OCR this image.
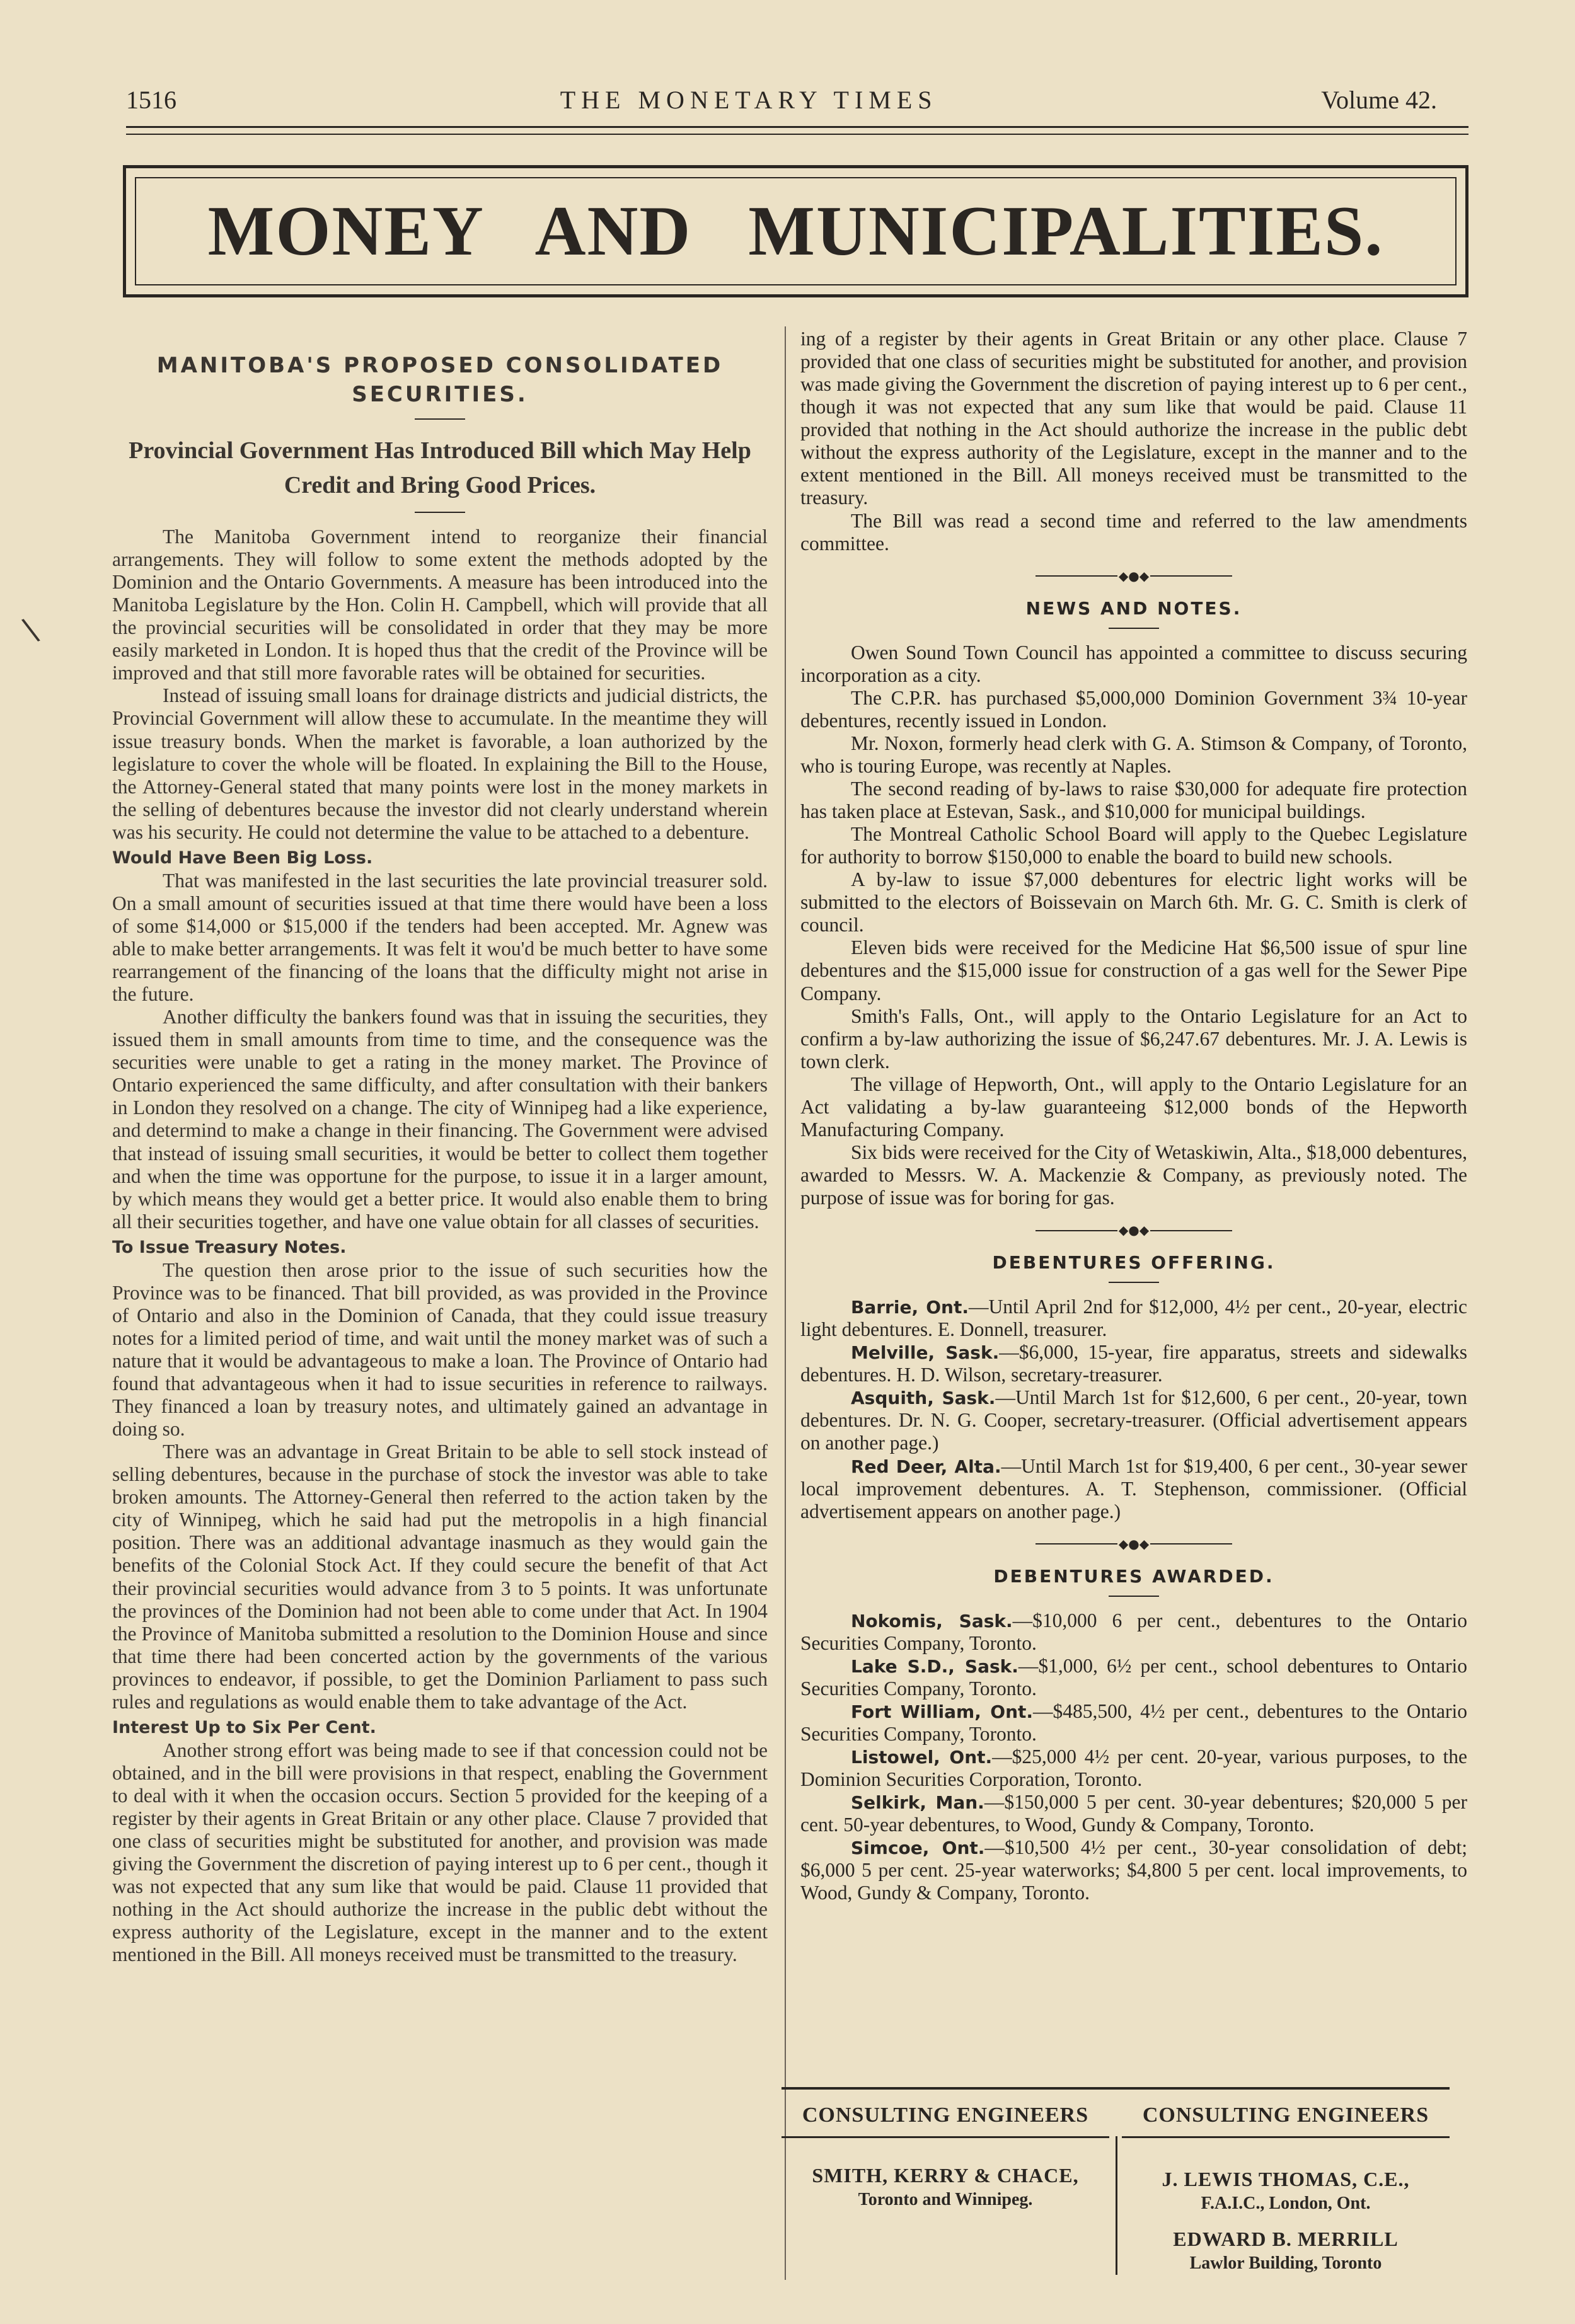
1516	THE MONETARY TIMES	Volume 42.
MONEY AND MUNICIPALITIES.
\
MANITOBA'S PROPOSED CONSOLIDATED SECURITIES.
Provincial Government Has Introduced Bill which May Help Credit and Bring Good Prices.

The Manitoba Government intend to reorganize their financial arrangements. They will follow to some extent the methods adopted by the Dominion and the Ontario Governments. A measure has been introduced into the Manitoba Legislature by the Hon. Colin H. Campbell, which will provide that all the provincial securities will be consolidated in order that they may be more easily marketed in London. It is hoped thus that the credit of the Province will be improved and that still more favorable rates will be obtained for securities.

Instead of issuing small loans for drainage districts and judicial districts, the Provincial Government will allow these to accumulate. In the meantime they will issue treasury bonds. When the market is favorable, a loan authorized by the legislature to cover the whole will be floated. In explaining the Bill to the House, the Attorney-General stated that many points were lost in the money markets in the selling of debentures because the investor did not clearly understand wherein was his security. He could not determine the value to be attached to a debenture.

Would Have Been Big Loss.

That was manifested in the last securities the late provincial treasurer sold. On a small amount of securities issued at that time there would have been a loss of some $14,000 or $15,000 if the tenders had been accepted. Mr. Agnew was able to make better arrangements. It was felt it wou'd be much better to have some rearrangement of the financing of the loans that the difficulty might not arise in the future.

Another difficulty the bankers found was that in issuing the securities, they issued them in small amounts from time to time, and the consequence was the securities were unable to get a rating in the money market. The Province of Ontario experienced the same difficulty, and after consultation with their bankers in London they resolved on a change. The city of Winnipeg had a like experience, and determind to make a change in their financing. The Government were advised that instead of issuing small securities, it would be better to collect them together and when the time was opportune for the purpose, to issue it in a larger amount, by which means they would get a better price. It would also enable them to bring all their securities together, and have one value obtain for all classes of securities.

To Issue Treasury Notes.

The question then arose prior to the issue of such securities how the Province was to be financed. That bill provided, as was provided in the Province of Ontario and also in the Dominion of Canada, that they could issue treasury notes for a limited period of time, and wait until the money market was of such a nature that it would be advantageous to make a loan. The Province of Ontario had found that advantageous when it had to issue securities in reference to railways. They financed a loan by treasury notes, and ultimately gained an advantage in doing so.

There was an advantage in Great Britain to be able to sell stock instead of selling debentures, because in the purchase of stock the investor was able to take broken amounts. The Attorney-General then referred to the action taken by the city of Winnipeg, which he said had put the metropolis in a high financial position. There was an additional advantage inasmuch as they would gain the benefits of the Colonial Stock Act. If they could secure the benefit of that Act their provincial securities would advance from 3 to 5 points. It was unfortunate the provinces of the Dominion had not been able to come under that Act. In 1904 the Province of Manitoba submitted a resolution to the Dominion House and since that time there had been concerted action by the governments of the various provinces to endeavor, if possible, to get the Dominion Parliament to pass such rules and regulations as would enable them to take advantage of the Act.

Interest Up to Six Per Cent.

Another strong effort was being made to see if that concession could not be obtained, and in the bill were provisions in that respect, enabling the Government to deal with it when the occasion occurs. Section 5 provided for the keeping of a register by their agents in Great Britain or any other place. Clause 7 provided that one class of securities might be substituted for another, and provision was made giving the Government the discretion of paying interest up to 6 per cent., though it was not expected that any sum like that would be paid. Clause 11 provided that nothing in the Act should authorize the increase in the public debt without the express authority of the Legislature, except in the manner and to the extent mentioned in the Bill. All moneys received must be transmitted to the treasury.

ing of a register by their agents in Great Britain or any other place. Clause 7 provided that one class of securities might be substituted for another, and provision was made giving the Government the discretion of paying interest up to 6 per cent., though it was not expected that any sum like that would be paid. Clause 11 provided that nothing in the Act should authorize the increase in the public debt without the express authority of the Legislature, except in the manner and to the extent mentioned in the Bill. All moneys received must be transmitted to the treasury.

The Bill was read a second time and referred to the law amendments committee.

◆●◆
NEWS AND NOTES.

Owen Sound Town Council has appointed a committee to discuss securing incorporation as a city.

The C.P.R. has purchased $5,000,000 Dominion Government 3¾ 10-year debentures, recently issued in London.

Mr. Noxon, formerly head clerk with G. A. Stimson & Company, of Toronto, who is touring Europe, was recently at Naples.

The second reading of by-laws to raise $30,000 for adequate fire protection has taken place at Estevan, Sask., and $10,000 for municipal buildings.

The Montreal Catholic School Board will apply to the Quebec Legislature for authority to borrow $150,000 to enable the board to build new schools.

A by-law to issue $7,000 debentures for electric light works will be submitted to the electors of Boissevain on March 6th. Mr. G. C. Smith is clerk of council.

Eleven bids were received for the Medicine Hat $6,500 issue of spur line debentures and the $15,000 issue for construction of a gas well for the Sewer Pipe Company.

Smith's Falls, Ont., will apply to the Ontario Legislature for an Act to confirm a by-law authorizing the issue of $6,247.67 debentures. Mr. J. A. Lewis is town clerk.

The village of Hepworth, Ont., will apply to the Ontario Legislature for an Act validating a by-law guaranteeing $12,000 bonds of the Hepworth Manufacturing Company.

Six bids were received for the City of Wetaskiwin, Alta., $18,000 debentures, awarded to Messrs. W. A. Mackenzie & Company, as previously noted. The purpose of issue was for boring for gas.

◆●◆
DEBENTURES OFFERING.

Barrie, Ont.—Until April 2nd for $12,000, 4½ per cent., 20-year, electric light debentures. E. Donnell, treasurer.

Melville, Sask.—$6,000, 15-year, fire apparatus, streets and sidewalks debentures. H. D. Wilson, secretary-treasurer.

Asquith, Sask.—Until March 1st for $12,600, 6 per cent., 20-year, town debentures. Dr. N. G. Cooper, secretary-treasurer. (Official advertisement appears on another page.)

Red Deer, Alta.—Until March 1st for $19,400, 6 per cent., 30-year sewer local improvement debentures. A. T. Stephenson, commissioner. (Official advertisement appears on another page.)

◆●◆
DEBENTURES AWARDED.

Nokomis, Sask.—$10,000 6 per cent., debentures to the Ontario Securities Company, Toronto.

Lake S.D., Sask.—$1,000, 6½ per cent., school debentures to Ontario Securities Company, Toronto.

Fort William, Ont.—$485,500, 4½ per cent., debentures to the Ontario Securities Company, Toronto.

Listowel, Ont.—$25,000 4½ per cent. 20-year, various purposes, to the Dominion Securities Corporation, Toronto.

Selkirk, Man.—$150,000 5 per cent. 30-year debentures; $20,000 5 per cent. 50-year debentures, to Wood, Gundy & Company, Toronto.

Simcoe, Ont.—$10,500 4½ per cent., 30-year consolidation of debt; $6,000 5 per cent. 25-year waterworks; $4,800 5 per cent. local improvements, to Wood, Gundy & Company, Toronto.

CONSULTING ENGINEERS
SMITH, KERRY & CHACE,
Toronto and Winnipeg.
CONSULTING ENGINEERS
J. LEWIS THOMAS, C.E.,
F.A.I.C., London, Ont.
EDWARD B. MERRILL
Lawlor Building, Toronto
